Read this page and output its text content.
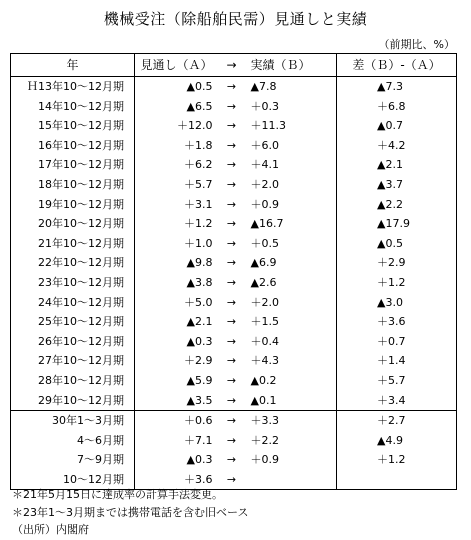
機械受注（除船舶民需）見通しと実績
（前期比、%）
年	見通し（Ａ）	→	実績（Ｂ）	差（Ｂ）-（Ａ）
Ｈ13年10～12月期	▲0.5	→	▲7.8	▲7.3
14年10～12月期	▲6.5	→	＋0.3	＋6.8
15年10～12月期	＋12.0	→	＋11.3	▲0.7
16年10～12月期	＋1.8	→	＋6.0	＋4.2
17年10～12月期	＋6.2	→	＋4.1	▲2.1
18年10～12月期	＋5.7	→	＋2.0	▲3.7
19年10～12月期	＋3.1	→	＋0.9	▲2.2
20年10～12月期	＋1.2	→	▲16.7	▲17.9
21年10～12月期	＋1.0	→	＋0.5	▲0.5
22年10～12月期	▲9.8	→	▲6.9	＋2.9
23年10～12月期	▲3.8	→	▲2.6	＋1.2
24年10～12月期	＋5.0	→	＋2.0	▲3.0
25年10～12月期	▲2.1	→	＋1.5	＋3.6
26年10～12月期	▲0.3	→	＋0.4	＋0.7
27年10～12月期	＋2.9	→	＋4.3	＋1.4
28年10～12月期	▲5.9	→	▲0.2	＋5.7
29年10～12月期	▲3.5	→	▲0.1	＋3.4
30年1～3月期	＋0.6	→	＋3.3	＋2.7
4～6月期	＋7.1	→	＋2.2	▲4.9
7～9月期	▲0.3	→	＋0.9	＋1.2
10～12月期	＋3.6	→		
＊21年5月15日に達成率の計算手法変更。
＊23年1～3月期までは携帯電話を含む旧ベース
（出所）内閣府
